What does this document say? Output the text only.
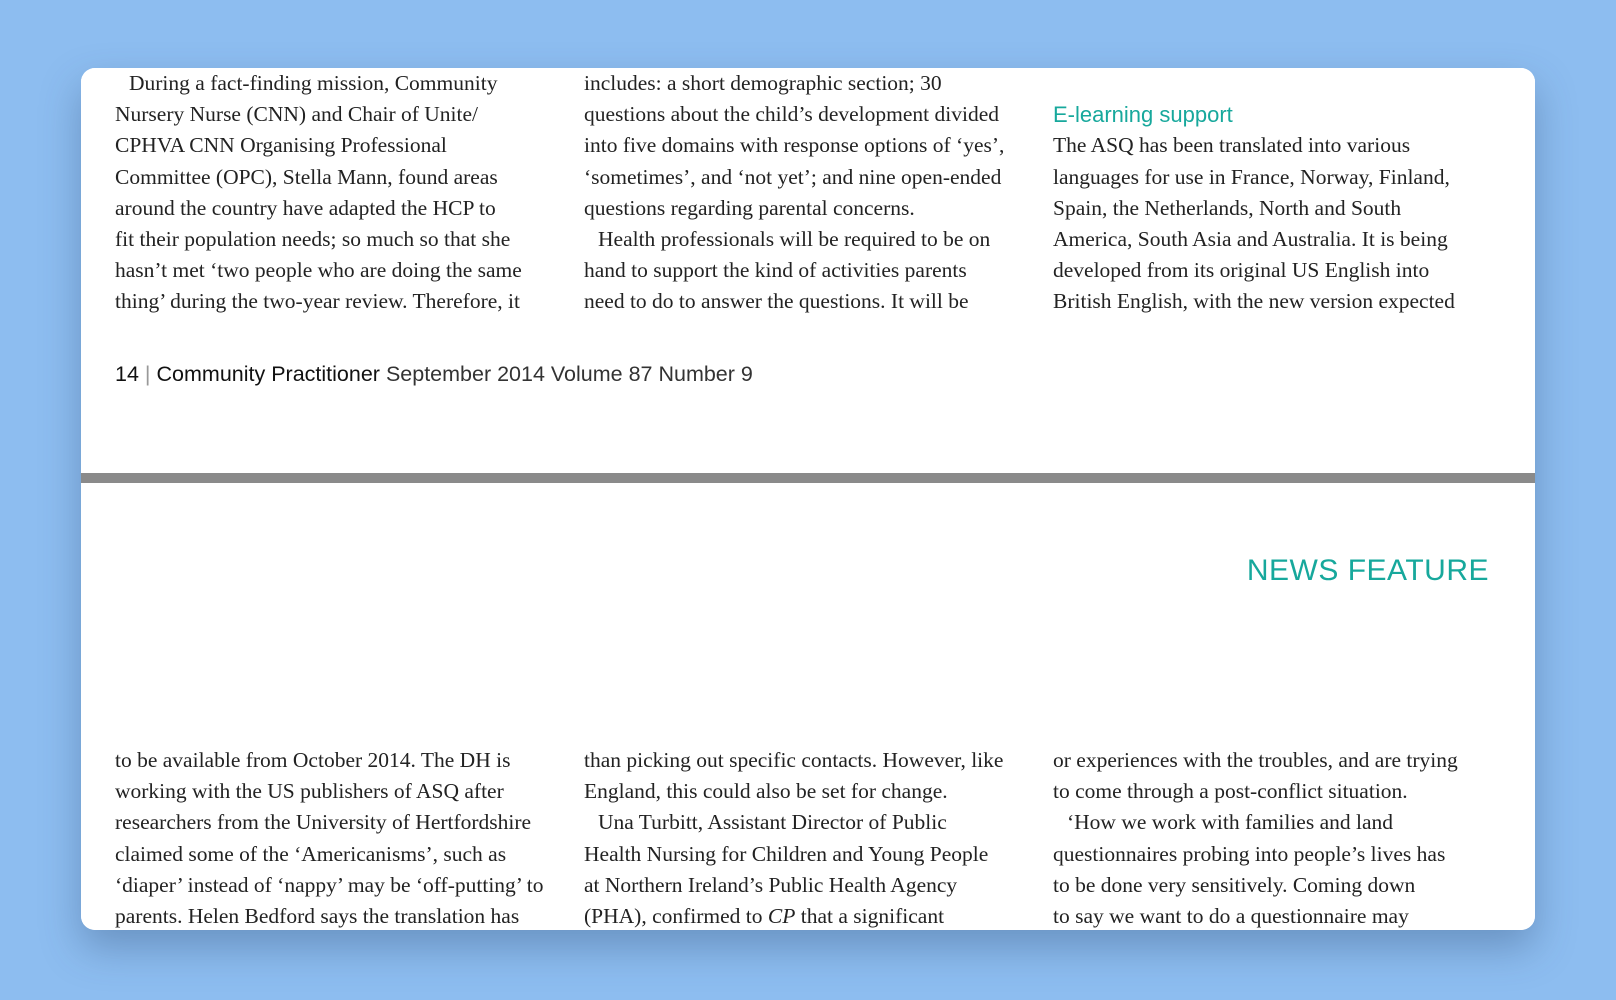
During a fact-finding mission, Community

Nursery Nurse (CNN) and Chair of Unite/

CPHVA CNN Organising Professional

Committee (OPC), Stella Mann, found areas

around the country have adapted the HCP to

fit their population needs; so much so that she

hasn’t met ‘two people who are doing the same

thing’ during the two-year review. Therefore, it

includes: a short demographic section; 30

questions about the child’s development divided

into five domains with response options of ‘yes’,

‘sometimes’, and ‘not yet’; and nine open-ended

questions regarding parental concerns.

Health professionals will be required to be on

hand to support the kind of activities parents

need to do to answer the questions. It will be

E-learning support

The ASQ has been translated into various

languages for use in France, Norway, Finland,

Spain, the Netherlands, North and South

America, South Asia and Australia. It is being

developed from its original US English into

British English, with the new version expected

14 | Community Practitioner September 2014 Volume 87 Number 9
NEWS FEATURE

to be available from October 2014. The DH is

working with the US publishers of ASQ after

researchers from the University of Hertfordshire

claimed some of the ‘Americanisms’, such as

‘diaper’ instead of ‘nappy’ may be ‘off-putting’ to

parents. Helen Bedford says the translation has

than picking out specific contacts. However, like

England, this could also be set for change.

Una Turbitt, Assistant Director of Public

Health Nursing for Children and Young People

at Northern Ireland’s Public Health Agency

(PHA), confirmed to CP that a significant

or experiences with the troubles, and are trying

to come through a post-conflict situation.

‘How we work with families and land

questionnaires probing into people’s lives has

to be done very sensitively. Coming down

to say we want to do a questionnaire may
